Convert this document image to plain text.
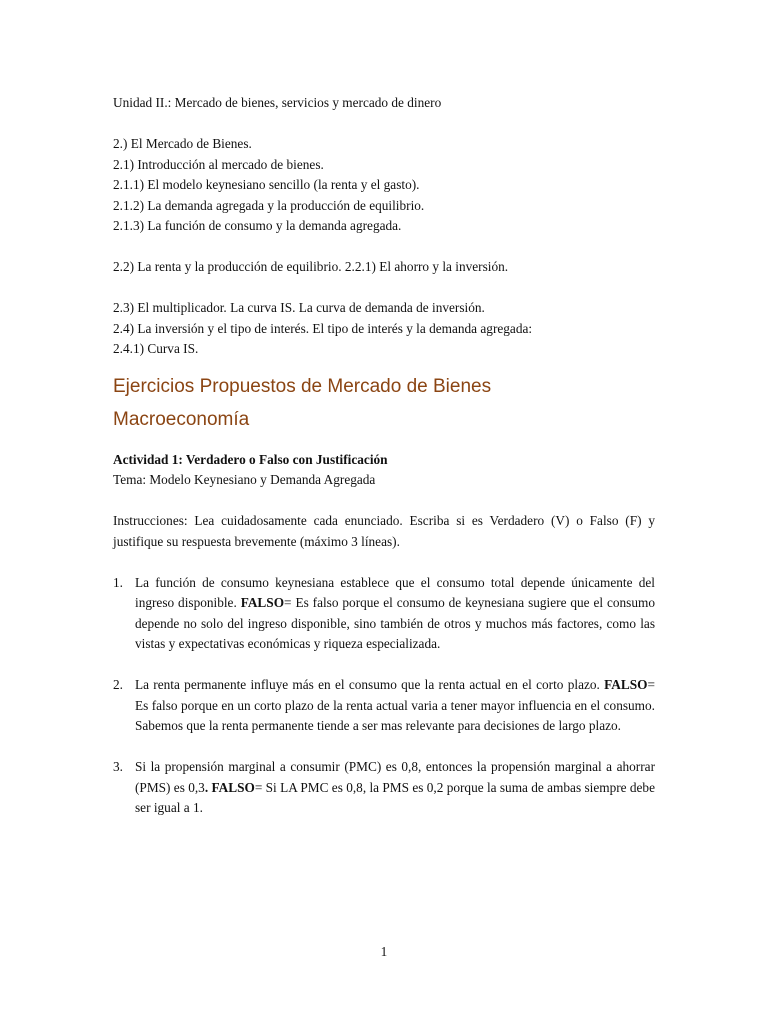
Unidad II.: Mercado de bienes, servicios y mercado de dinero

2.) El Mercado de Bienes.

2.1) Introducción al mercado de bienes.

2.1.1) El modelo keynesiano sencillo (la renta y el gasto).

2.1.2) La demanda agregada y la producción de equilibrio.

2.1.3) La función de consumo y la demanda agregada.

2.2) La renta y la producción de equilibrio. 2.2.1) El ahorro y la inversión.

2.3) El multiplicador. La curva IS. La curva de demanda de inversión.

2.4) La inversión y el tipo de interés. El tipo de interés y la demanda agregada:

2.4.1) Curva IS.

Ejercicios Propuestos de Mercado de Bienes

Macroeconomía

Actividad 1: Verdadero o Falso con Justificación

Tema: Modelo Keynesiano y Demanda Agregada

Instrucciones: Lea cuidadosamente cada enunciado. Escriba si es Verdadero (V) o Falso (F) y justifique su respuesta brevemente (máximo 3 líneas).

1. La función de consumo keynesiana establece que el consumo total depende únicamente del ingreso disponible. FALSO= Es falso porque el consumo de keynesiana sugiere que el consumo depende no solo del ingreso disponible, sino también de otros y muchos más factores, como las vistas y expectativas económicas y riqueza especializada.
2. La renta permanente influye más en el consumo que la renta actual en el corto plazo. FALSO= Es falso porque en un corto plazo de la renta actual varia a tener mayor influencia en el consumo. Sabemos que la renta permanente tiende a ser mas relevante para decisiones de largo plazo.
3. Si la propensión marginal a consumir (PMC) es 0,8, entonces la propensión marginal a ahorrar (PMS) es 0,3. FALSO= Si LA PMC es 0,8, la PMS es 0,2 porque la suma de ambas siempre debe ser igual a 1.
1
